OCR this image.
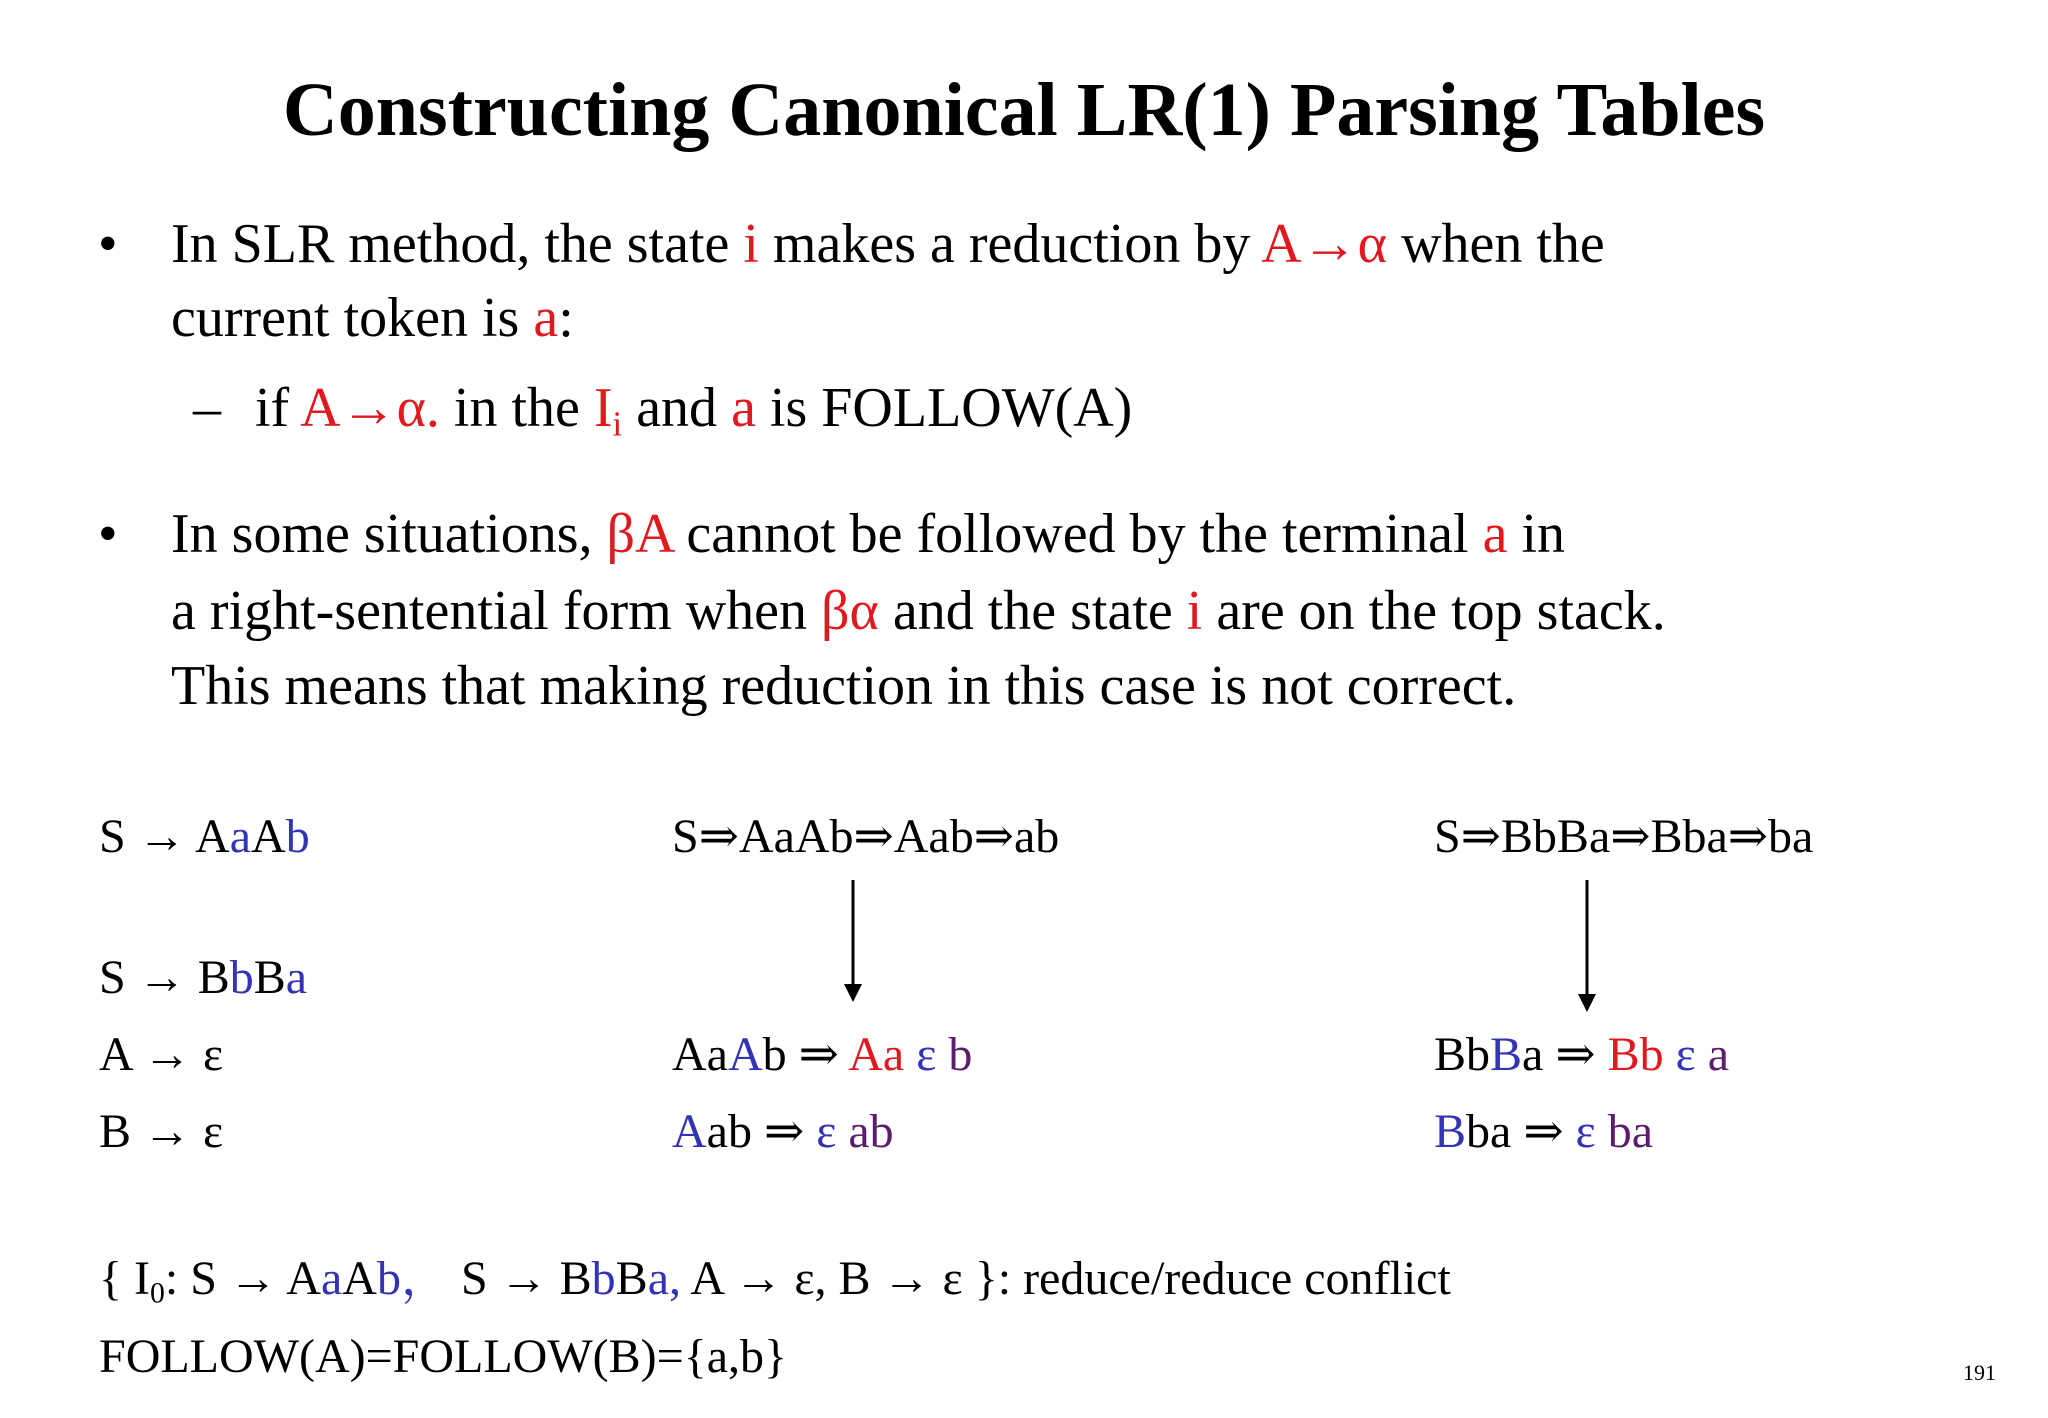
Constructing Canonical LR(1) Parsing Tables
• In SLR method, the state i makes a reduction by A→α when the
current token is a:
– if A→α. in the $I_i$ and a is FOLLOW(A)
• In some situations, βA cannot be followed by the terminal a in
a right-sentential form when βα and the state i are on the top stack.
This means that making reduction in this case is not correct.
S → AaAb
S → BbBa
A → ε
B → ε
S⇒AaAb⇒Aab⇒ab
AaAb ⇒ Aa ε b
Aab ⇒ ε ab
S⇒BbBa⇒Bba⇒ba
BbBa ⇒ Bb ε a
Bba ⇒ ε ba
{ $I_0$: S → AaAb， S → BbBa, A → ε, B → ε }: reduce/reduce conflict
FOLLOW(A)=FOLLOW(B)={a,b}	191
